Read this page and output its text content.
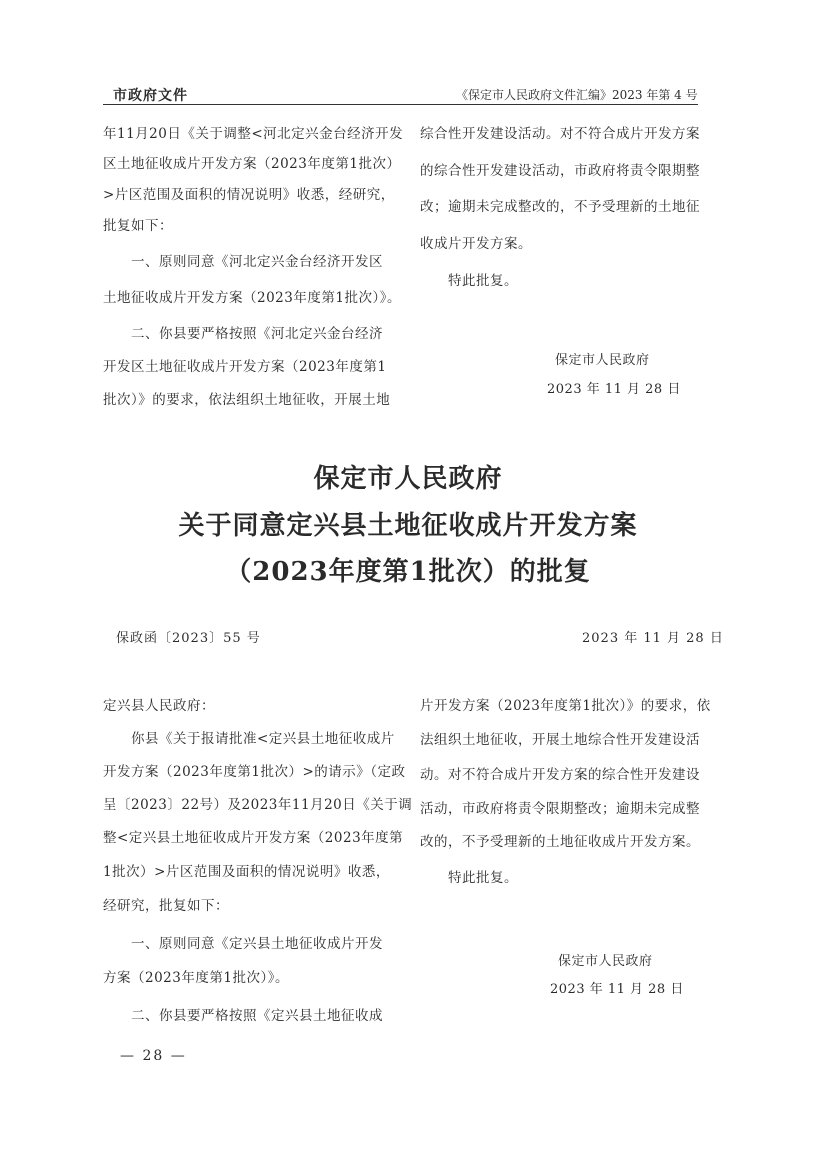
市政府文件	《保定市人民政府文件汇编》2023 年第 4 号
年11月20日《关于调整<河北定兴金台经济开发
区土地征收成片开发方案（2023年度第1批次）
>片区范围及面积的情况说明》收悉，经研究，
批复如下：
　　一、原则同意《河北定兴金台经济开发区
土地征收成片开发方案（2023年度第1批次）》。
　　二、你县要严格按照《河北定兴金台经济
开发区土地征收成片开发方案（2023年度第1
批次）》的要求，依法组织土地征收，开展土地
综合性开发建设活动。对不符合成片开发方案
的综合性开发建设活动，市政府将责令限期整
改；逾期未完成整改的，不予受理新的土地征
收成片开发方案。
　　特此批复。
保定市人民政府
2023 年 11 月 28 日
保定市人民政府
关于同意定兴县土地征收成片开发方案
（2023年度第1批次）的批复
保政函〔2023〕55 号	2023 年 11 月 28 日
定兴县人民政府：
　　你县《关于报请批准<定兴县土地征收成片
开发方案（2023年度第1批次）>的请示》（定政
呈〔2023〕22号）及2023年11月20日《关于调
整<定兴县土地征收成片开发方案（2023年度第
1批次）>片区范围及面积的情况说明》收悉，
经研究，批复如下：
　　一、原则同意《定兴县土地征收成片开发
方案（2023年度第1批次）》。
　　二、你县要严格按照《定兴县土地征收成
片开发方案（2023年度第1批次）》的要求，依
法组织土地征收，开展土地综合性开发建设活
动。对不符合成片开发方案的综合性开发建设
活动，市政府将责令限期整改；逾期未完成整
改的，不予受理新的土地征收成片开发方案。
　　特此批复。
保定市人民政府
2023 年 11 月 28 日
— 28 —
